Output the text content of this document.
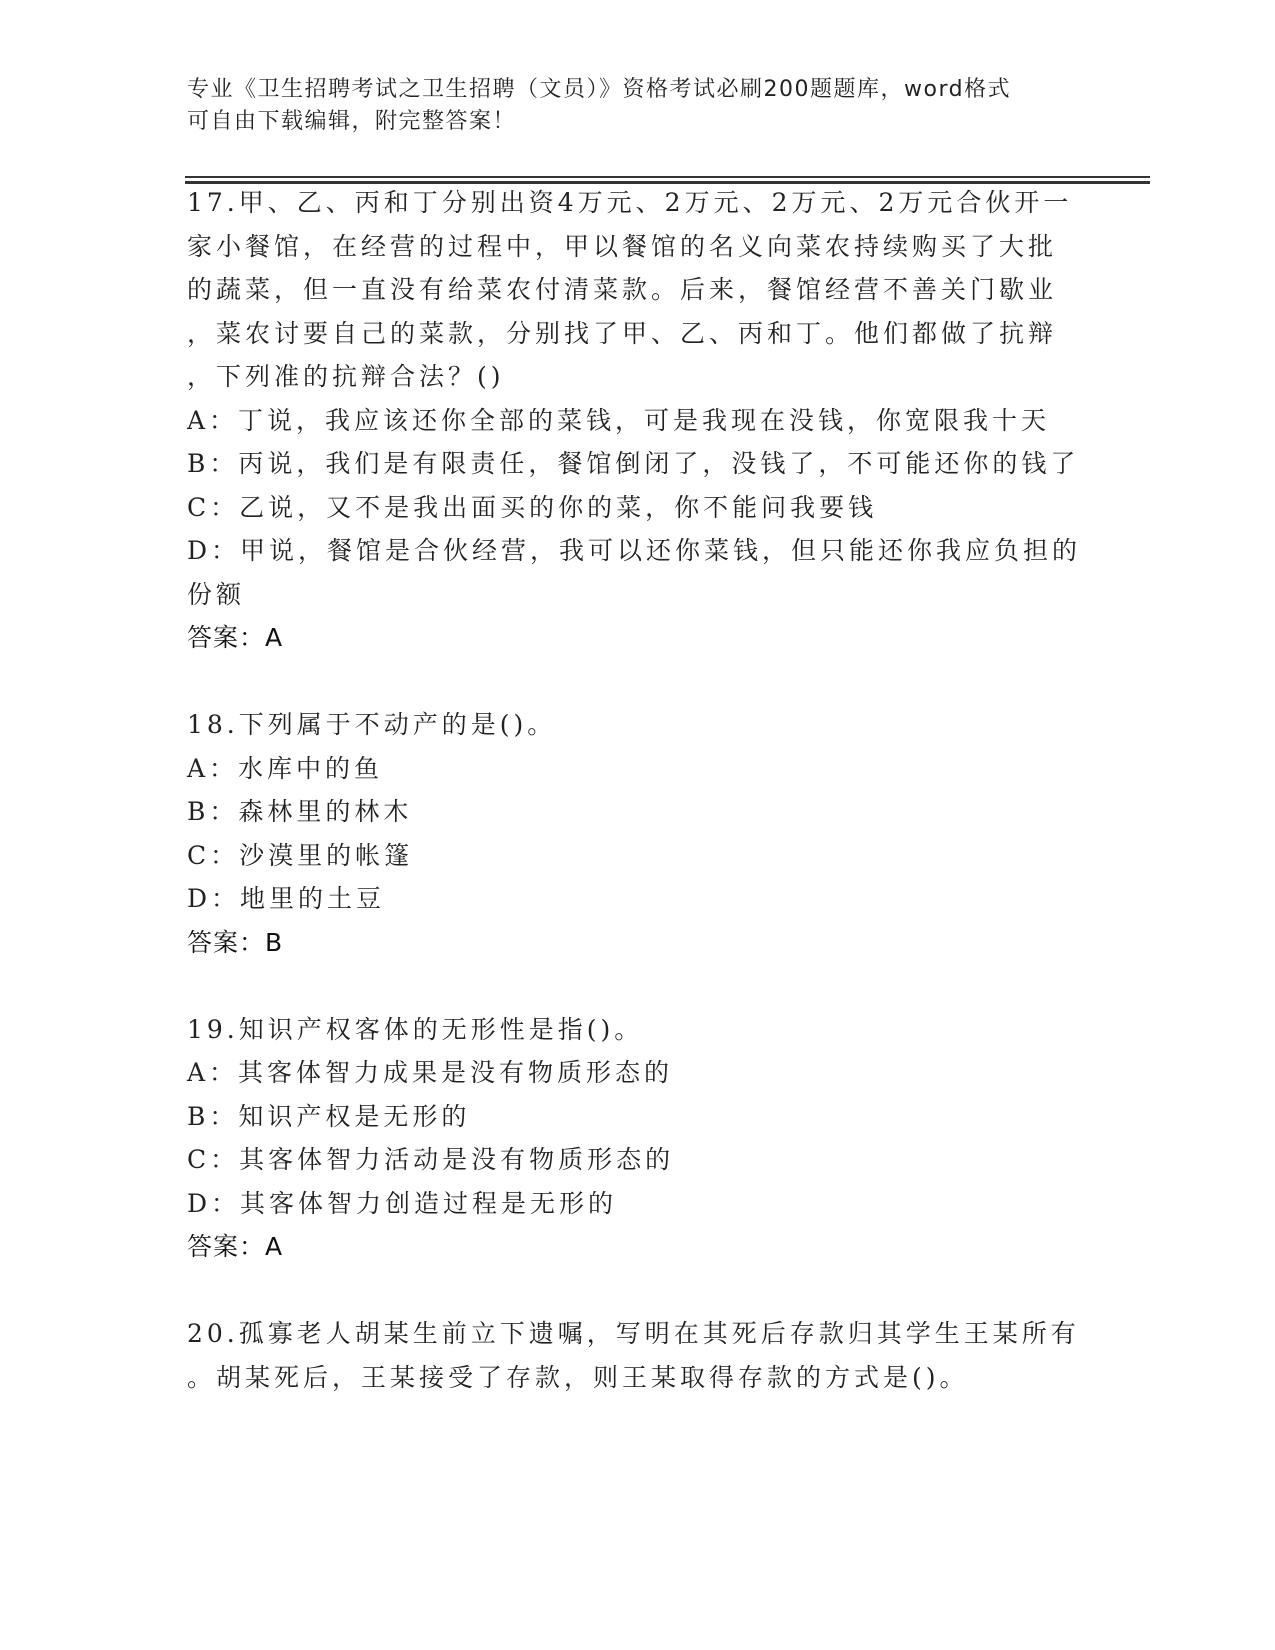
专业《卫生招聘考试之卫生招聘（文员）》资格考试必刷200题题库，word格式
可自由下载编辑，附完整答案！
17.甲、乙、丙和丁分别出资4万元、2万元、2万元、2万元合伙开一
家小餐馆，在经营的过程中，甲以餐馆的名义向菜农持续购买了大批
的蔬菜，但一直没有给菜农付清菜款。后来，餐馆经营不善关门歇业
，菜农讨要自己的菜款，分别找了甲、乙、丙和丁。他们都做了抗辩
，下列准的抗辩合法？()
A：丁说，我应该还你全部的菜钱，可是我现在没钱，你宽限我十天
B：丙说，我们是有限责任，餐馆倒闭了，没钱了，不可能还你的钱了
C：乙说，又不是我出面买的你的菜，你不能问我要钱
D：甲说，餐馆是合伙经营，我可以还你菜钱，但只能还你我应负担的
份额
答案：A
18.下列属于不动产的是()。
A：水库中的鱼
B：森林里的林木
C：沙漠里的帐篷
D：地里的土豆
答案：B
19.知识产权客体的无形性是指()。
A：其客体智力成果是没有物质形态的
B：知识产权是无形的
C：其客体智力活动是没有物质形态的
D：其客体智力创造过程是无形的
答案：A
20.孤寡老人胡某生前立下遗嘱，写明在其死后存款归其学生王某所有
。胡某死后，王某接受了存款，则王某取得存款的方式是()。
